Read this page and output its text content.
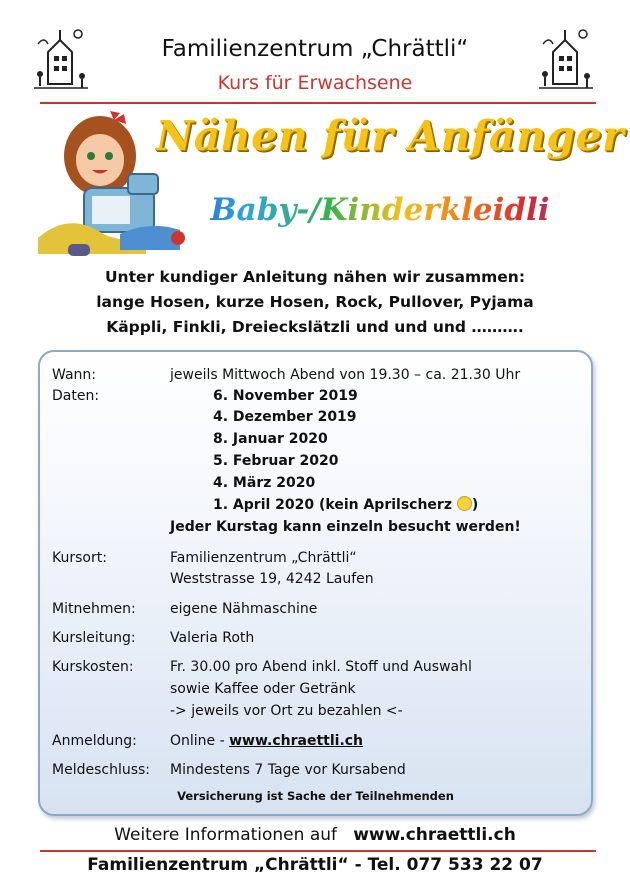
Familienzentrum „Chrättli“
Kurs für Erwachsene
Nähen für Anfänger
Baby-/Kinderkleidli
Unter kundiger Anleitung nähen wir zusammen:
lange Hosen, kurze Hosen, Rock, Pullover, Pyjama
Käppli, Finkli, Dreieckslätzli und und und ……….
Wann:	jeweils Mittwoch Abend von 19.30 – ca. 21.30 Uhr
Daten:	6. November 2019
4. Dezember 2019
8. Januar 2020
5. Februar 2020
4. März 2020
1. April 2020 (kein Aprilscherz )
Jeder Kurstag kann einzeln besucht werden!
Kursort:	Familienzentrum „Chrättli“
Weststrasse 19, 4242 Laufen
Mitnehmen:	eigene Nähmaschine
Kursleitung:	Valeria Roth
Kurskosten:	Fr. 30.00 pro Abend inkl. Stoff und Auswahl
sowie Kaffee oder Getränk
-> jeweils vor Ort zu bezahlen <-
Anmeldung:	Online - www.chraettli.ch
Meldeschluss:	Mindestens 7 Tage vor Kursabend
Versicherung ist Sache der Teilnehmenden
Weitere Informationen auf www.chraettli.ch
Familienzentrum „Chrättli“ - Tel. 077 533 22 07
